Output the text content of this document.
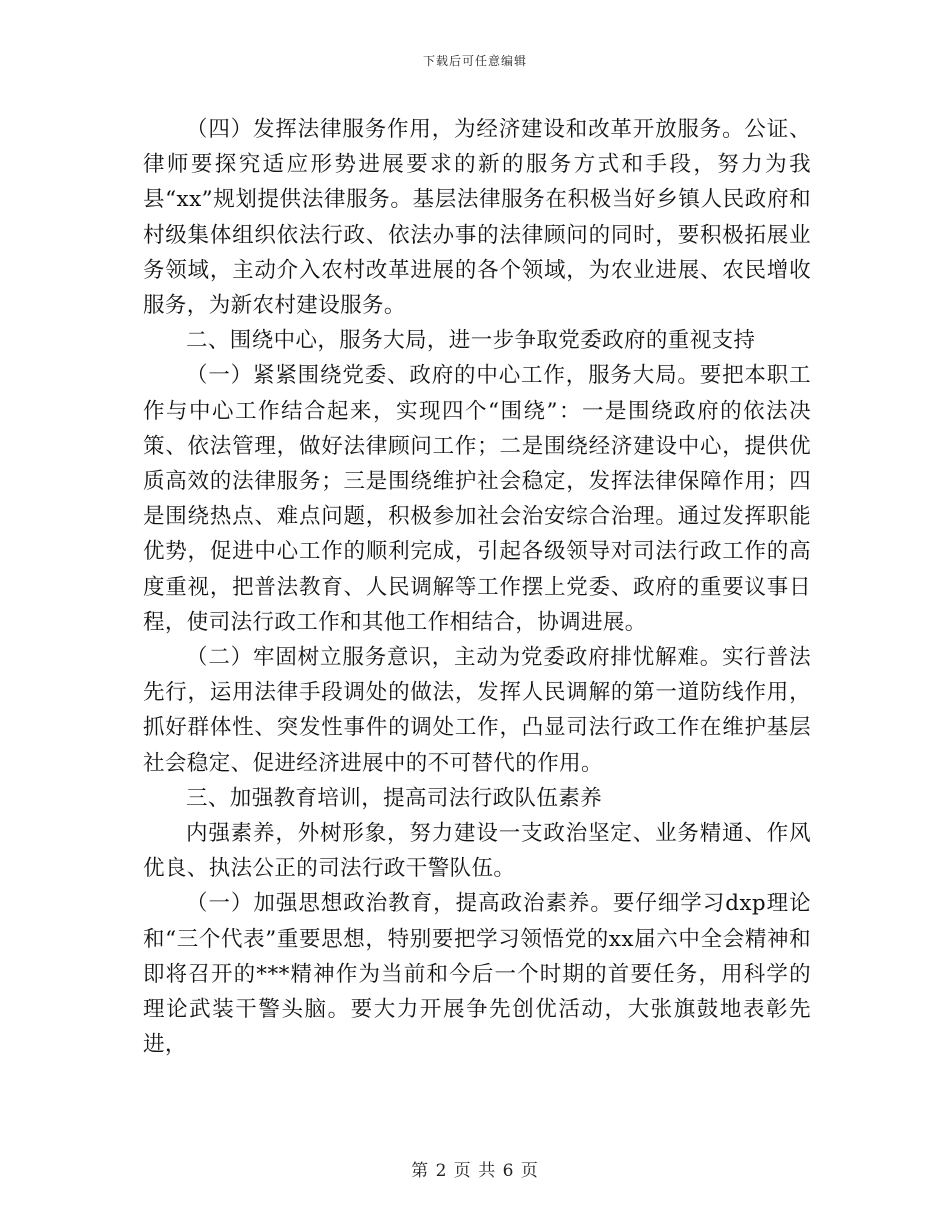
下载后可任意编辑

（四）发挥法律服务作用，为经济建设和改革开放服务。公证、律师要探究适应形势进展要求的新的服务方式和手段，努力为我县“xx”规划提供法律服务。基层法律服务在积极当好乡镇人民政府和村级集体组织依法行政、依法办事的法律顾问的同时，要积极拓展业务领域，主动介入农村改革进展的各个领域，为农业进展、农民增收服务，为新农村建设服务。

二、围绕中心，服务大局，进一步争取党委政府的重视支持

（一）紧紧围绕党委、政府的中心工作，服务大局。要把本职工作与中心工作结合起来，实现四个“围绕”：一是围绕政府的依法决策、依法管理，做好法律顾问工作；二是围绕经济建设中心，提供优质高效的法律服务；三是围绕维护社会稳定，发挥法律保障作用；四是围绕热点、难点问题，积极参加社会治安综合治理。通过发挥职能优势，促进中心工作的顺利完成，引起各级领导对司法行政工作的高度重视，把普法教育、人民调解等工作摆上党委、政府的重要议事日程，使司法行政工作和其他工作相结合，协调进展。

（二）牢固树立服务意识，主动为党委政府排忧解难。实行普法先行，运用法律手段调处的做法，发挥人民调解的第一道防线作用，抓好群体性、突发性事件的调处工作，凸显司法行政工作在维护基层社会稳定、促进经济进展中的不可替代的作用。

三、加强教育培训，提高司法行政队伍素养

内强素养，外树形象，努力建设一支政治坚定、业务精通、作风优良、执法公正的司法行政干警队伍。

（一）加强思想政治教育，提高政治素养。要仔细学习dxp理论和“三个代表”重要思想，特别要把学习领悟党的xx届六中全会精神和即将召开的***精神作为当前和今后一个时期的首要任务，用科学的理论武装干警头脑。要大力开展争先创优活动，大张旗鼓地表彰先进，

第 2 页 共 6 页
